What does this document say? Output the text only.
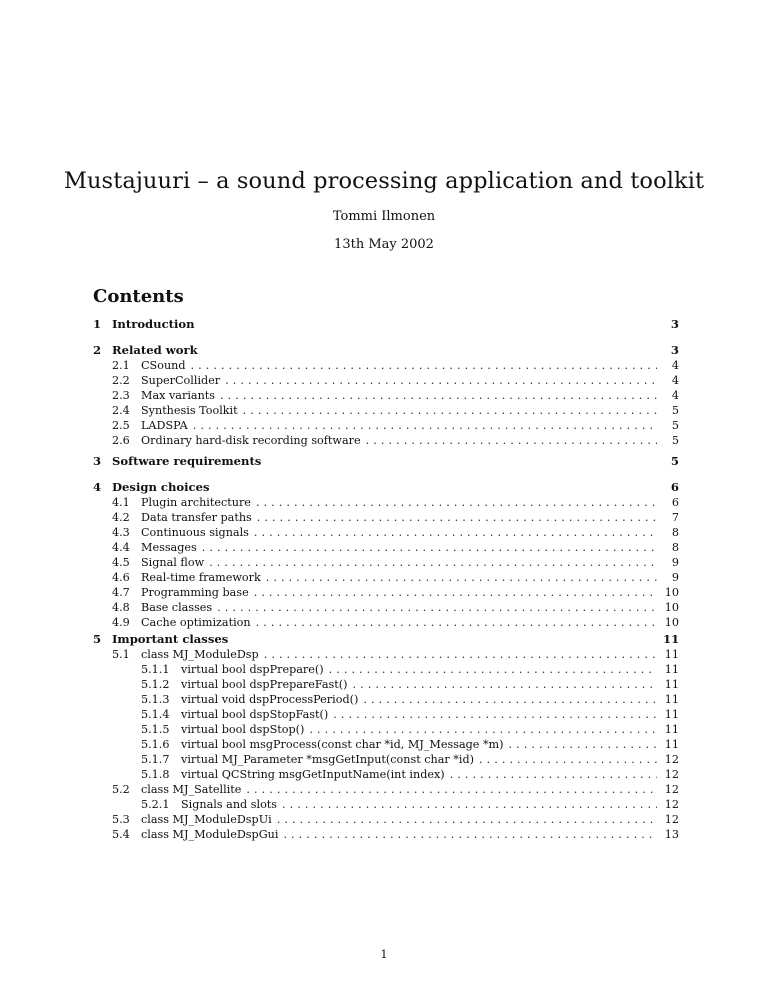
Mustajuuri – a sound processing application and toolkit
Tommi Ilmonen
13th May 2002
Contents
1 Introduction	3
2 Related work	3
2.1	CSound . . .	4
2.2	SuperCollider . . .	4
2.3	Max variants . . .	4
2.4	Synthesis Toolkit . . .	5
2.5	LADSPA . . .	5
2.6	Ordinary hard-disk recording software . . .	5
3 Software requirements	5
4 Design choices	6
4.1	Plugin architecture . . .	6
4.2	Data transfer paths . . .	7
4.3	Continuous signals . . .	8
4.4	Messages . . .	8
4.5	Signal flow . . .	9
4.6	Real-time framework . . .	9
4.7	Programming base . . .	10
4.8	Base classes . . .	10
4.9	Cache optimization . . .	10
5 Important classes	11
5.1	class MJ_ModuleDsp . . .	11
5.1.1	virtual bool dspPrepare() . . .	11
5.1.2	virtual bool dspPrepareFast() . . .	11
5.1.3	virtual void dspProcessPeriod() . . .	11
5.1.4	virtual bool dspStopFast() . . .	11
5.1.5	virtual bool dspStop() . . .	11
5.1.6	virtual bool msgProcess(const char *id, MJ_Message *m) . . .	11
5.1.7	virtual MJ_Parameter *msgGetInput(const char *id) . . .	12
5.1.8	virtual QCString msgGetInputName(int index) . . .	12
5.2	class MJ_Satellite . . .	12
5.2.1	Signals and slots . . .	12
5.3	class MJ_ModuleDspUi . . .	12
5.4	class MJ_ModuleDspGui . . .	13
1
